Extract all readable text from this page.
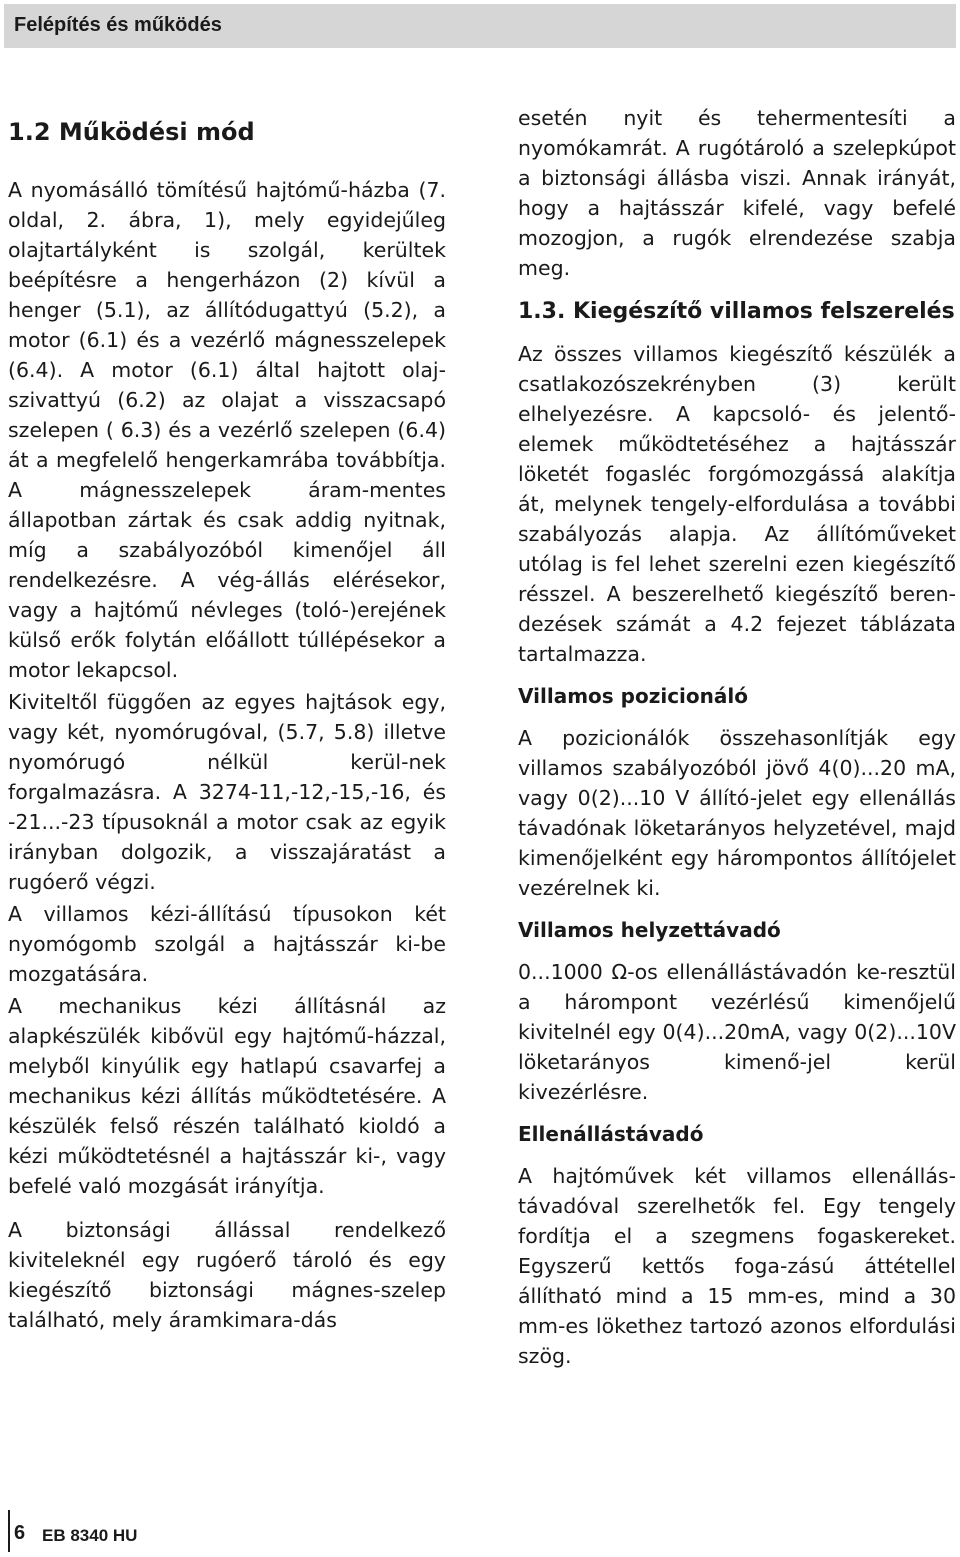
Felépítés és működés
1.2 Működési mód

A nyomásálló tömítésű hajtómű-házba (7. oldal, 2. ábra, 1), mely egyidejűleg olajtartályként is szolgál, kerültek beépítésre a hengerházon (2) kívül a henger (5.1), az állítódugattyú (5.2), a motor (6.1) és a vezérlő mágnesszelepek (6.4). A motor (6.1) által hajtott olaj-szivattyú (6.2) az olajat a visszacsapó szelepen ( 6.3) és a vezérlő szelepen (6.4) át a megfelelő hengerkamrába továbbítja. A mágnesszelepek áram-mentes állapotban zártak és csak addig nyitnak, míg a szabályozóból kimenőjel áll rendelkezésre. A vég-állás elérésekor, vagy a hajtómű névleges (toló-)erejének külső erők folytán előállott túllépésekor a motor lekapcsol.

Kiviteltől függően az egyes hajtások egy, vagy két, nyomórugóval, (5.7, 5.8) illetve nyomórugó nélkül kerül-nek forgalmazásra. A 3274-11,-12,-15,-16, és -21...-23 típusoknál a motor csak az egyik irányban dolgozik, a visszajáratást a rugóerő végzi.

A villamos kézi-állítású típusokon két nyomógomb szolgál a hajtásszár ki-be mozgatására.

A mechanikus kézi állításnál az alapkészülék kibővül egy hajtómű-házzal, melyből kinyúlik egy hatlapú csavarfej a mechanikus kézi állítás működtetésére. A készülék felső részén található kioldó a kézi működtetésnél a hajtásszár ki-, vagy befelé való mozgását irányítja.

A biztonsági állással rendelkező kiviteleknél egy rugóerő tároló és egy kiegészítő biztonsági mágnes-szelep található, mely áramkimara-dás

esetén nyit és tehermentesíti a nyomókamrát. A rugótároló a szelepkúpot a biztonsági állásba viszi. Annak irányát, hogy a hajtásszár kifelé, vagy befelé mozogjon, a rugók elrendezése szabja meg.

1.3. Kiegészítő villamos felszerelés

Az összes villamos kiegészítő készülék a csatlakozószekrényben (3) került elhelyezésre. A kapcsoló- és jelentő-elemek működtetéséhez a hajtásszár löketét fogasléc forgómozgássá alakítja át, melynek tengely-elfordulása a további szabályozás alapja. Az állítóműveket utólag is fel lehet szerelni ezen kiegészítő résszel. A beszerelhető kiegészítő beren-dezések számát a 4.2 fejezet táblázata tartalmazza.

Villamos pozicionáló

A pozicionálók összehasonlítják egy villamos szabályozóból jövő 4(0)...20 mA, vagy 0(2)...10 V állító-jelet egy ellenállás távadónak löketarányos helyzetével, majd kimenőjelként egy hárompontos állítójelet vezérelnek ki.

Villamos helyzettávadó

0...1000 Ω-os ellenállástávadón ke-resztül a hárompont vezérlésű kimenőjelű kivitelnél egy 0(4)...20mA, vagy 0(2)...10V löketarányos kimenő-jel kerül kivezérlésre.

Ellenállástávadó

A hajtóművek két villamos ellenállás-távadóval szerelhetők fel. Egy tengely fordítja el a szegmens fogaskereket. Egyszerű kettős foga-zású áttétellel állítható mind a 15 mm-es, mind a 30 mm-es lökethez tartozó azonos elfordulási szög.

6 EB 8340 HU
